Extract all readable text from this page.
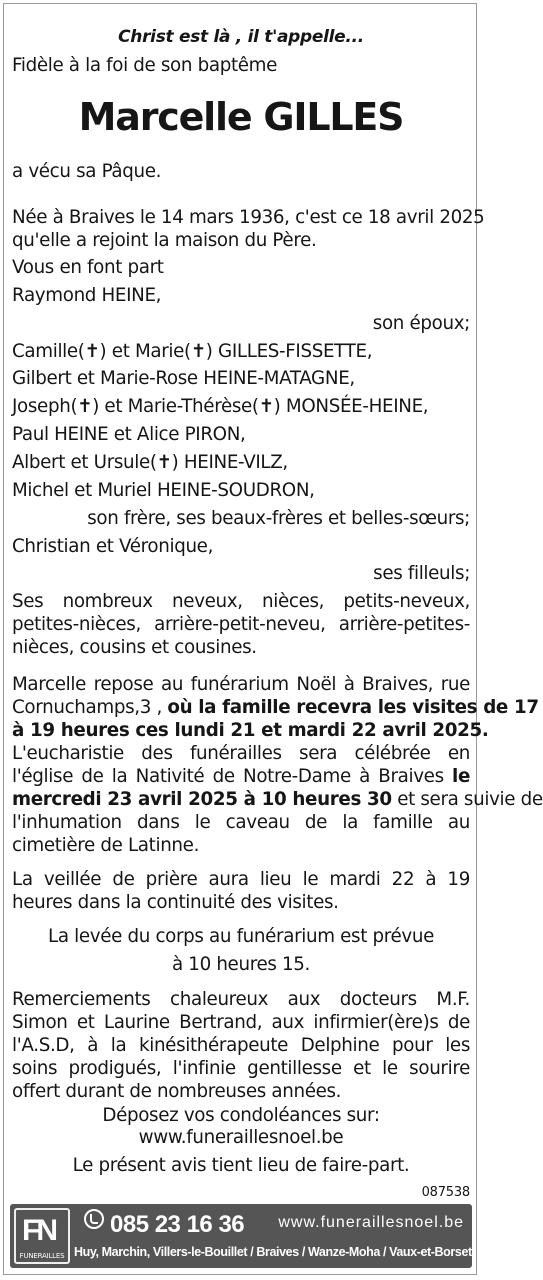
Christ est là , il t'appelle...
Fidèle à la foi de son baptême
Marcelle GILLES
a vécu sa Pâque.
Née à Braives le 14 mars 1936, c'est ce 18 avril 2025
qu'elle a rejoint la maison du Père.
Vous en font part
Raymond HEINE,
son époux;
Camille(✝) et Marie(✝) GILLES-FISSETTE,
Gilbert et Marie-Rose HEINE-MATAGNE,
Joseph(✝) et Marie-Thérèse(✝) MONSÉE-HEINE,
Paul HEINE et Alice PIRON,
Albert et Ursule(✝) HEINE-VILZ,
Michel et Muriel HEINE-SOUDRON,
son frère, ses beaux-frères et belles-sœurs;
Christian et Véronique,
ses filleuls;
Ses nombreux neveux, nièces, petits-neveux,
petites-nièces, arrière-petit-neveu, arrière-petites-
nièces, cousins et cousines.
Marcelle repose au funérarium Noël à Braives, rue
Cornuchamps,3 , où la famille recevra les visites de 17
à 19 heures ces lundi 21 et mardi 22 avril 2025.
L'eucharistie des funérailles sera célébrée en
l'église de la Nativité de Notre-Dame à Braives le
mercredi 23 avril 2025 à 10 heures 30 et sera suivie de
l'inhumation dans le caveau de la famille au
cimetière de Latinne.
La veillée de prière aura lieu le mardi 22 à 19
heures dans la continuité des visites.
La levée du corps au funérarium est prévue
à 10 heures 15.
Remerciements chaleureux aux docteurs M.F.
Simon et Laurine Bertrand, aux infirmier(ère)s de
l'A.S.D, à la kinésithérapeute Delphine pour les
soins prodigués, l'infinie gentillesse et le sourire
offert durant de nombreuses années.
Déposez vos condoléances sur:
www.funeraillesnoel.be
Le présent avis tient lieu de faire-part.
087538
FN
FUNERAILLES
085 23 16 36 www.funeraillesnoel.be
Huy, Marchin, Villers-le-Bouillet / Braives / Wanze-Moha / Vaux-et-Borset
